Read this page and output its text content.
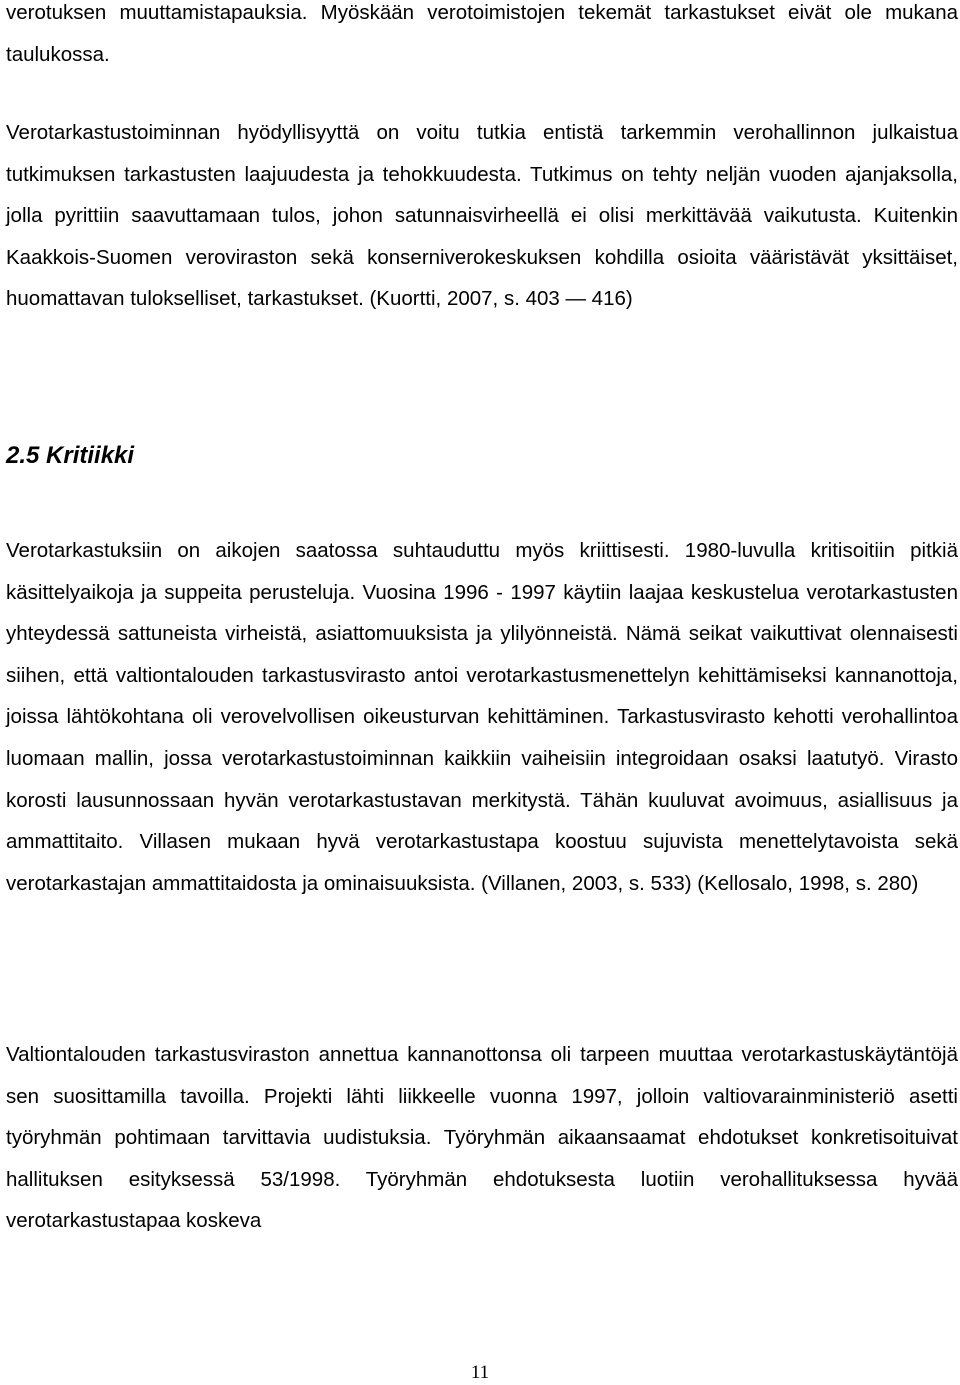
verotuksen muuttamistapauksia. Myöskään verotoimistojen tekemät tarkastukset eivät ole mukana taulukossa.

Verotarkastustoiminnan hyödyllisyyttä on voitu tutkia entistä tarkemmin verohallinnon julkaistua tutkimuksen tarkastusten laajuudesta ja tehokkuudesta. Tutkimus on tehty neljän vuoden ajanjaksolla, jolla pyrittiin saavuttamaan tulos, johon satunnaisvirheellä ei olisi merkittävää vaikutusta. Kuitenkin Kaakkois-Suomen veroviraston sekä konserniverokeskuksen kohdilla osioita vääristävät yksittäiset, huomattavan tulokselliset, tarkastukset. (Kuortti, 2007, s. 403 — 416)

2.5 Kritiikki

Verotarkastuksiin on aikojen saatossa suhtauduttu myös kriittisesti. 1980-luvulla kritisoitiin pitkiä käsittelyaikoja ja suppeita perusteluja. Vuosina 1996 - 1997 käytiin laajaa keskustelua verotarkastusten yhteydessä sattuneista virheistä, asiattomuuksista ja ylilyönneistä. Nämä seikat vaikuttivat olennaisesti siihen, että valtiontalouden tarkastusvirasto antoi verotarkastusmenettelyn kehittämiseksi kannanottoja, joissa lähtökohtana oli verovelvollisen oikeusturvan kehittäminen. Tarkastusvirasto kehotti verohallintoa luomaan mallin, jossa verotarkastustoiminnan kaikkiin vaiheisiin integroidaan osaksi laatutyö. Virasto korosti lausunnossaan hyvän verotarkastustavan merkitystä. Tähän kuuluvat avoimuus, asiallisuus ja ammattitaito. Villasen mukaan hyvä verotarkastustapa koostuu sujuvista menettelytavoista sekä verotarkastajan ammattitaidosta ja ominaisuuksista. (Villanen, 2003, s. 533) (Kellosalo, 1998, s. 280)

Valtiontalouden tarkastusviraston annettua kannanottonsa oli tarpeen muuttaa verotarkastuskäytäntöjä sen suosittamilla tavoilla. Projekti lähti liikkeelle vuonna 1997, jolloin valtiovarainministeriö asetti työryhmän pohtimaan tarvittavia uudistuksia. Työryhmän aikaansaamat ehdotukset konkretisoituivat hallituksen esityksessä 53/1998. Työryhmän ehdotuksesta luotiin verohallituksessa hyvää verotarkastustapaa koskeva

11
